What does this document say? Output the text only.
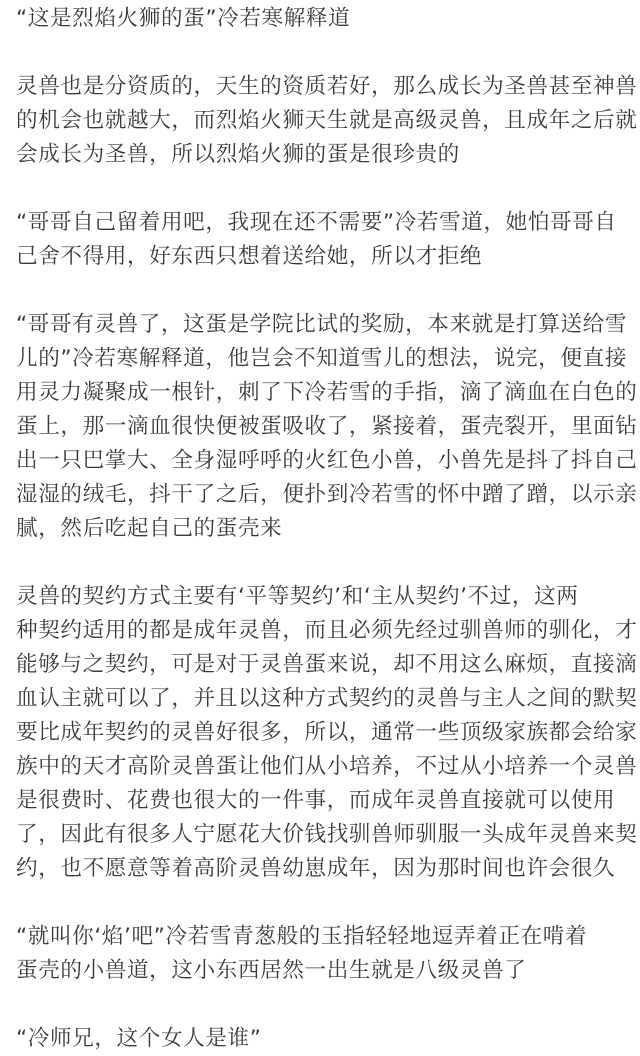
“这是烈焰火狮的蛋”冷若寒解释道

灵兽也是分资质的，天生的资质若好，那么成长为圣兽甚至神兽
的机会也就越大，而烈焰火狮天生就是高级灵兽，且成年之后就
会成长为圣兽，所以烈焰火狮的蛋是很珍贵的

“哥哥自己留着用吧，我现在还不需要”冷若雪道，她怕哥哥自
己舍不得用，好东西只想着送给她，所以才拒绝

“哥哥有灵兽了，这蛋是学院比试的奖励，本来就是打算送给雪
儿的”冷若寒解释道，他岂会不知道雪儿的想法，说完，便直接
用灵力凝聚成一根针，刺了下冷若雪的手指，滴了滴血在白色的
蛋上，那一滴血很快便被蛋吸收了，紧接着，蛋壳裂开，里面钻
出一只巴掌大、全身湿呼呼的火红色小兽，小兽先是抖了抖自己
湿湿的绒毛，抖干了之后，便扑到冷若雪的怀中蹭了蹭，以示亲
腻，然后吃起自己的蛋壳来

灵兽的契约方式主要有‘平等契约’和‘主从契约’不过，这两
种契约适用的都是成年灵兽，而且必须先经过驯兽师的驯化，才
能够与之契约，可是对于灵兽蛋来说，却不用这么麻烦，直接滴
血认主就可以了，并且以这种方式契约的灵兽与主人之间的默契
要比成年契约的灵兽好很多，所以，通常一些顶级家族都会给家
族中的天才高阶灵兽蛋让他们从小培养，不过从小培养一个灵兽
是很费时、花费也很大的一件事，而成年灵兽直接就可以使用
了，因此有很多人宁愿花大价钱找驯兽师驯服一头成年灵兽来契
约，也不愿意等着高阶灵兽幼崽成年，因为那时间也许会很久

“就叫你‘焰’吧”冷若雪青葱般的玉指轻轻地逗弄着正在啃着
蛋壳的小兽道，这小东西居然一出生就是八级灵兽了

“冷师兄，这个女人是谁”
